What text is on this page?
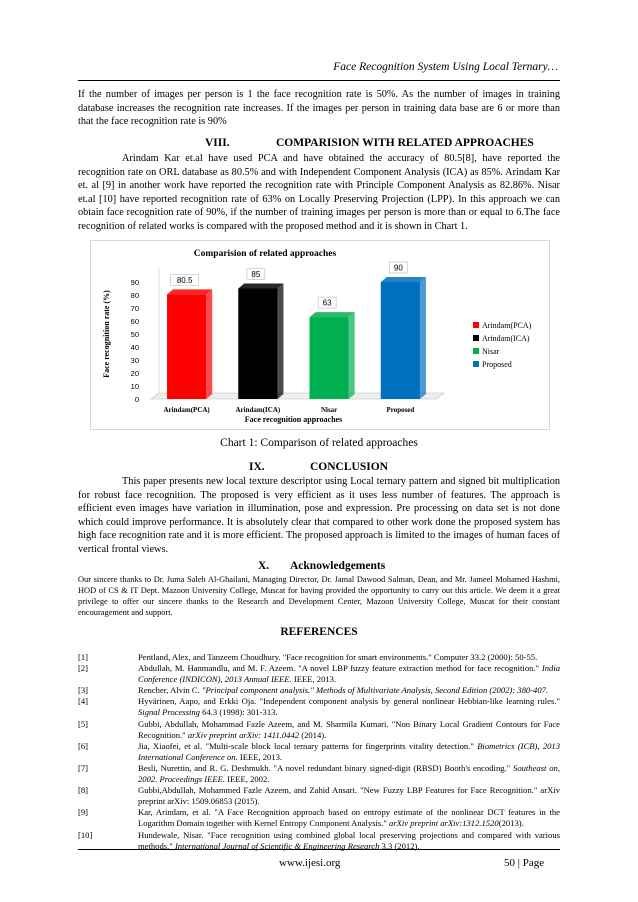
Face Recognition System Using Local Ternary…

If the number of images per person is 1 the face recognition rate is 50%. As the number of images in training database increases the recognition rate increases. If the images per person in training data base are 6 or more than that the face recognition rate is 90%

VIII.	COMPARISION WITH RELATED APPROACHES

Arindam Kar et.al have used PCA and have obtained the accuracy of 80.5[8], have reported the recognition rate on ORL database as 80.5% and with Independent Component Analysis (ICA) as 85%. Arindam Kar et. al [9] in another work have reported the recognition rate with Principle Component Analysis as 82.86%. Nisar et.al [10] have reported recognition rate of 63% on Locally Preserving Projection (LPP). In this approach we can obtain face recognition rate of 90%, if the number of training images per person is more than or equal to 6.The face recognition of related works is compared with the proposed method and it is shown in Chart 1.

Comparision of related approaches
Face recognition rate (%)
0
10
20
30
40
50
60
70
80
90	80.5
Arindam(PCA)
85
Arindam(ICA)
63
Nisar
90
Proposed
Face recognition approaches
Arindam(PCA)
Arindam(ICA)
Nisar
Proposed
Chart 1: Comparison of related approaches
IX.	CONCLUSION

This paper presents new local texture descriptor using Local ternary pattern and signed bit multiplication for robust face recognition. The proposed is very efficient as it uses less number of features. The approach is efficient even images have variation in illumination, pose and expression. Pre processing on data set is not done which could improve performance. It is absolutely clear that compared to other work done the proposed system has high face recognition rate and it is more efficient. The proposed approach is limited to the images of human faces of vertical frontal views.

X. Acknowledgements

Our sincere thanks to Dr. Juma Saleh Al-Ghailani, Managing Director, Dr. Jamal Dawood Salman, Dean, and Mr. Jameel Mohamed Hashmi, HOD of CS & IT Dept. Mazoon University College, Muscat for having provided the opportunity to carry out this article. We deem it a great privilege to offer our sincere thanks to the Research and Development Center, Mazoon University College, Muscat for their constant encouragement and support.

REFERENCES
[1]	Pentland, Alex, and Tanzeem Choudhury. "Face recognition for smart environments." Computer 33.2 (2000): 50-55.
[2]	Abdullah, M. Hanmandlu, and M. F. Azeem. "A novel LBP fuzzy feature extraction method for face recognition." India Conference (INDICON), 2013 Annual IEEE. IEEE, 2013.
[3]	Rencher, Alvin C. "Principal component analysis." Methods of Multivariate Analysis, Second Edition (2002): 380-407.
[4]	Hyvärinen, Aapo, and Erkki Oja. "Independent component analysis by general nonlinear Hebbian-like learning rules." Signal Processing 64.3 (1998): 301-313.
[5]	Gubbi, Abdullah, Mohammad Fazle Azeem, and M. Sharmila Kumari. "Non Binary Local Gradient Contours for Face Recognition." arXiv preprint arXiv: 1411.0442 (2014).
[6]	Jia, Xiaofei, et al. "Multi-scale block local ternary patterns for fingerprints vitality detection." Biometrics (ICB), 2013 International Conference on. IEEE, 2013.
[7]	Besli, Nurettin, and R. G. Deshmukh. "A novel redundant binary signed-digit (RBSD) Booth's encoding." Southeast on, 2002. Proceedings IEEE. IEEE, 2002.
[8]	Gubbi,Abdullah, Mohammed Fazle Azeem, and Zahid Ansari. "New Fuzzy LBP Features for Face Recognition." arXiv preprint arXiv: 1509.06853 (2015).
[9]	Kar, Arindam, et al. "A Face Recognition approach based on entropy estimate of the nonlinear DCT features in the Logarithm Domain together with Kernel Entropy Component Analysis." arXiv preprint arXiv:1312.1520(2013).
[10]	Hundewale, Nisar. "Face recognition using combined global local preserving projections and compared with various methods." International Journal of Scientific & Engineering Research 3.3 (2012).
www.ijesi.org	50 | Page
